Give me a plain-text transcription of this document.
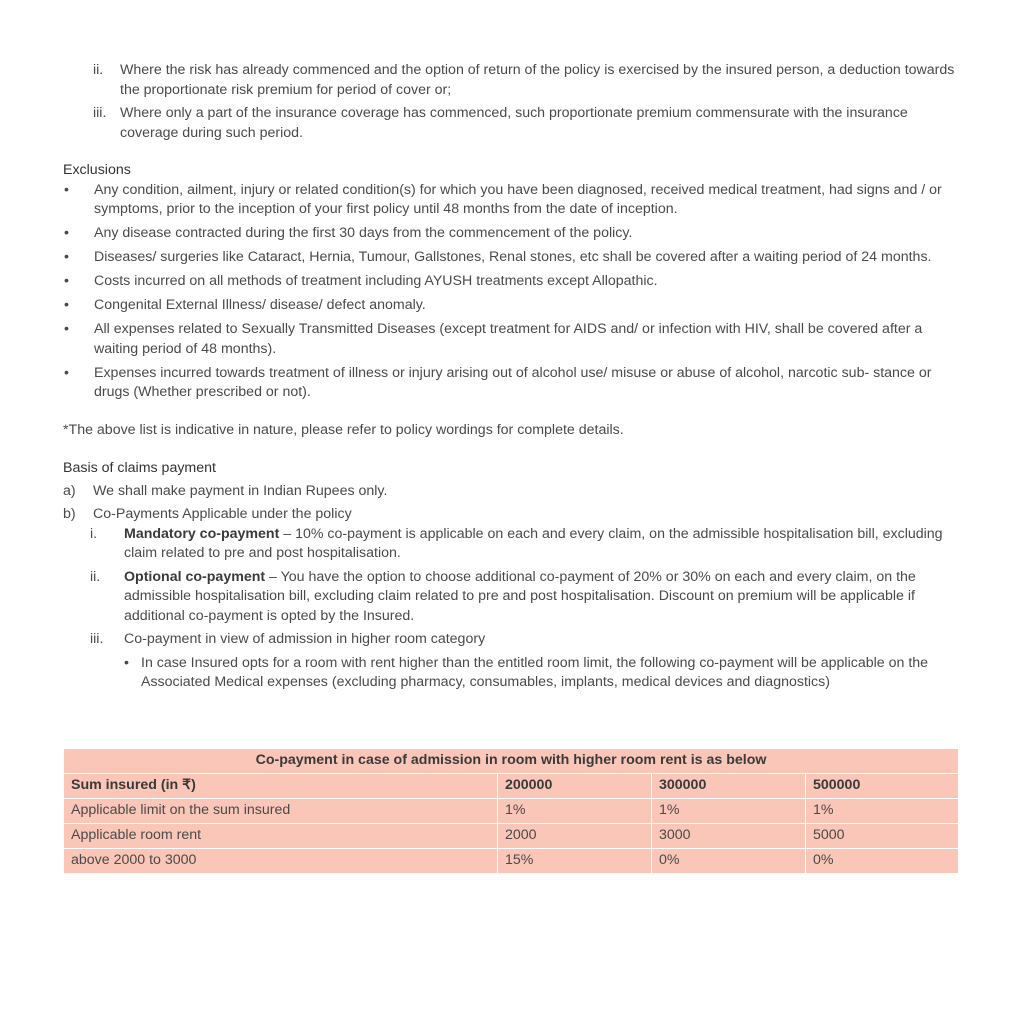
ii.	Where the risk has already commenced and the option of return of the policy is exercised by the insured person, a deduction towards the proportionate risk premium for period of cover or;
iii. Where only a part of the insurance coverage has commenced, such proportionate premium commensurate with the insurance coverage during such period.
Exclusions
•	Any condition, ailment, injury or related condition(s) for which you have been diagnosed, received medical treatment, had signs and / or symptoms, prior to the inception of your first policy until 48 months from the date of inception.
•	Any disease contracted during the first 30 days from the commencement of the policy.
•	Diseases/ surgeries like Cataract, Hernia, Tumour, Gallstones, Renal stones, etc shall be covered after a waiting period of 24 months.
•	Costs incurred on all methods of treatment including AYUSH treatments except Allopathic.
•	Congenital External Illness/ disease/ defect anomaly.
•	All expenses related to Sexually Transmitted Diseases (except treatment for AIDS and/ or infection with HIV, shall be covered after a waiting period of 48 months).
•	Expenses incurred towards treatment of illness or injury arising out of alcohol use/ misuse or abuse of alcohol, narcotic sub- stance or drugs (Whether prescribed or not).
*The above list is indicative in nature, please refer to policy wordings for complete details.
Basis of claims payment
a)	We shall make payment in Indian Rupees only.
b)	Co-Payments Applicable under the policy
i.	Mandatory co-payment – 10% co-payment is applicable on each and every claim, on the admissible hospitalisation bill, excluding claim related to pre and post hospitalisation.
ii.	Optional co-payment – You have the option to choose additional co-payment of 20% or 30% on each and every claim, on the admissible hospitalisation bill, excluding claim related to pre and post hospitalisation. Discount on premium will be applicable if additional co-payment is opted by the Insured.
iii.	Co-payment in view of admission in higher room category
• In case Insured opts for a room with rent higher than the entitled room limit, the following co-payment will be applicable on the Associated Medical expenses (excluding pharmacy, consumables, implants, medical devices and diagnostics)
Co-payment in case of admission in room with higher room rent is as below			
Sum insured (in ₹)	200000	300000	500000
Applicable limit on the sum insured	1%	1%	1%
Applicable room rent	2000	3000	5000
above 2000 to 3000	15%	0%	0%
